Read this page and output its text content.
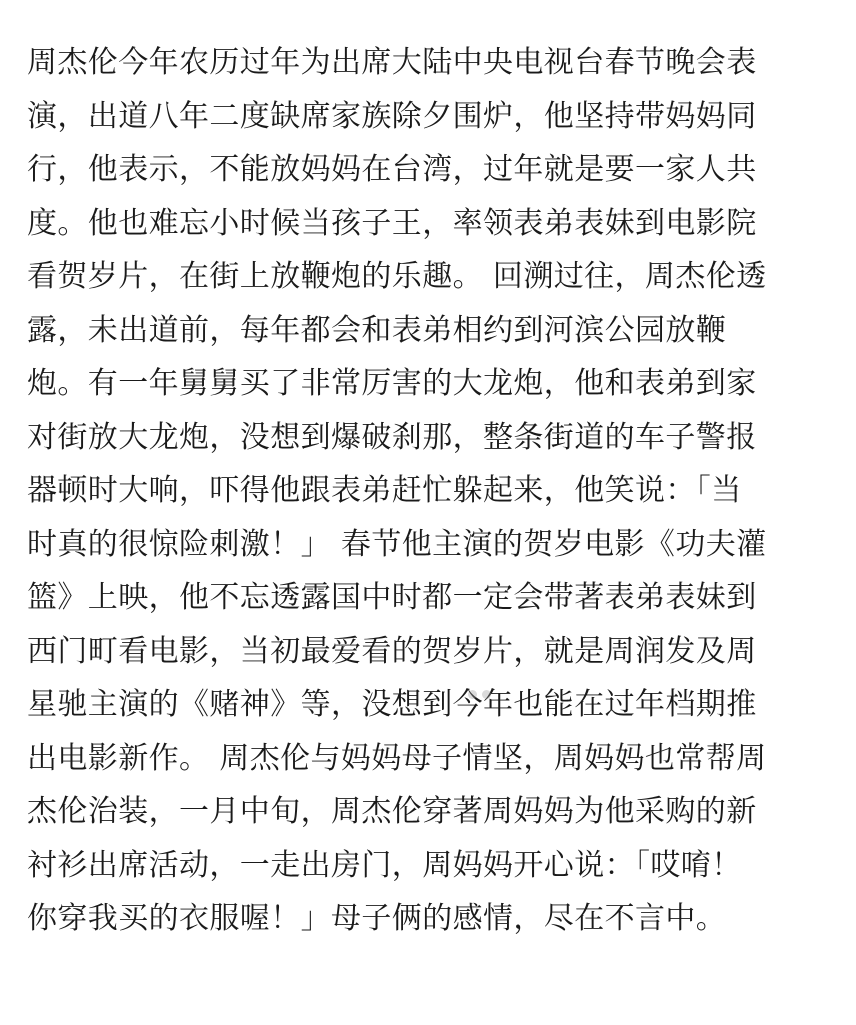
周杰伦今年农历过年为出席大陆中央电视台春节晚会表
演，出道八年二度缺席家族除夕围炉，他坚持带妈妈同
行，他表示，不能放妈妈在台湾，过年就是要一家人共
度。他也难忘小时候当孩子王，率领表弟表妹到电影院
看贺岁片，在街上放鞭炮的乐趣。 回溯过往，周杰伦透
露，未出道前，每年都会和表弟相约到河滨公园放鞭
炮。有一年舅舅买了非常厉害的大龙炮，他和表弟到家
对街放大龙炮，没想到爆破刹那，整条街道的车子警报
器顿时大响，吓得他跟表弟赶忙躲起来，他笑说：「当
时真的很惊险刺激！」 春节他主演的贺岁电影《功夫灌
篮》上映，他不忘透露国中时都一定会带著表弟表妹到
西门町看电影，当初最爱看的贺岁片，就是周润发及周
星驰主演的《赌神》等，没想到今年也能在过年档期推
出电影新作。 周杰伦与妈妈母子情坚，周妈妈也常帮周
杰伦治装，一月中旬，周杰伦穿著周妈妈为他采购的新
衬衫出席活动，一走出房门，周妈妈开心说：「哎唷！
你穿我买的衣服喔！」母子俩的感情，尽在不言中。
